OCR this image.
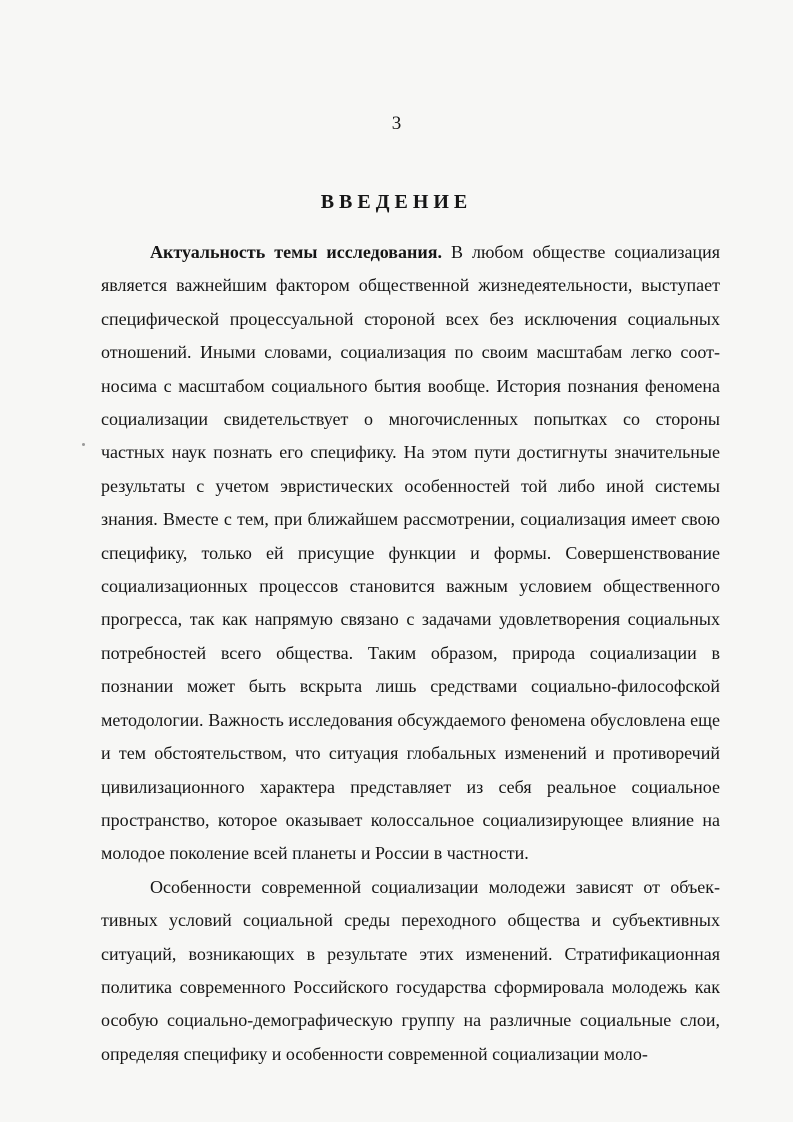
3

ВВЕДЕНИЕ

Актуальность темы исследования. В любом обществе социализация является важнейшим фактором общественной жизнедеятельности, выступает специфической процессуальной стороной всех без исключения социальных отношений. Иными словами, социализация по своим масштабам легко соотносима с масштабом социального бытия вообще. История познания феномена социализации свидетельствует о многочисленных попытках со стороны частных наук познать его специфику. На этом пути достигнуты значительные результаты с учетом эвристических особенностей той либо иной системы знания. Вместе с тем, при ближайшем рассмотрении, социализация имеет свою специфику, только ей присущие функции и формы. Совершенствование социализационных процессов становится важным условием общественного прогресса, так как напрямую связано с задачами удовлетворения социальных потребностей всего общества. Таким образом, природа социализации в познании может быть вскрыта лишь средствами социально-философской методологии. Важность исследования обсуждаемого феномена обусловлена еще и тем обстоятельством, что ситуация глобальных изменений и противоречий цивилизационного характера представляет из себя реальное социальное пространство, которое оказывает колоссальное социализирующее влияние на молодое поколение всей планеты и России в частности.

Особенности современной социализации молодежи зависят от объективных условий социальной среды переходного общества и субъективных ситуаций, возникающих в результате этих изменений. Стратификационная политика современного Российского государства сформировала молодежь как особую социально-демографическую группу на различные социальные слои, определяя специфику и особенности современной социализации моло-
